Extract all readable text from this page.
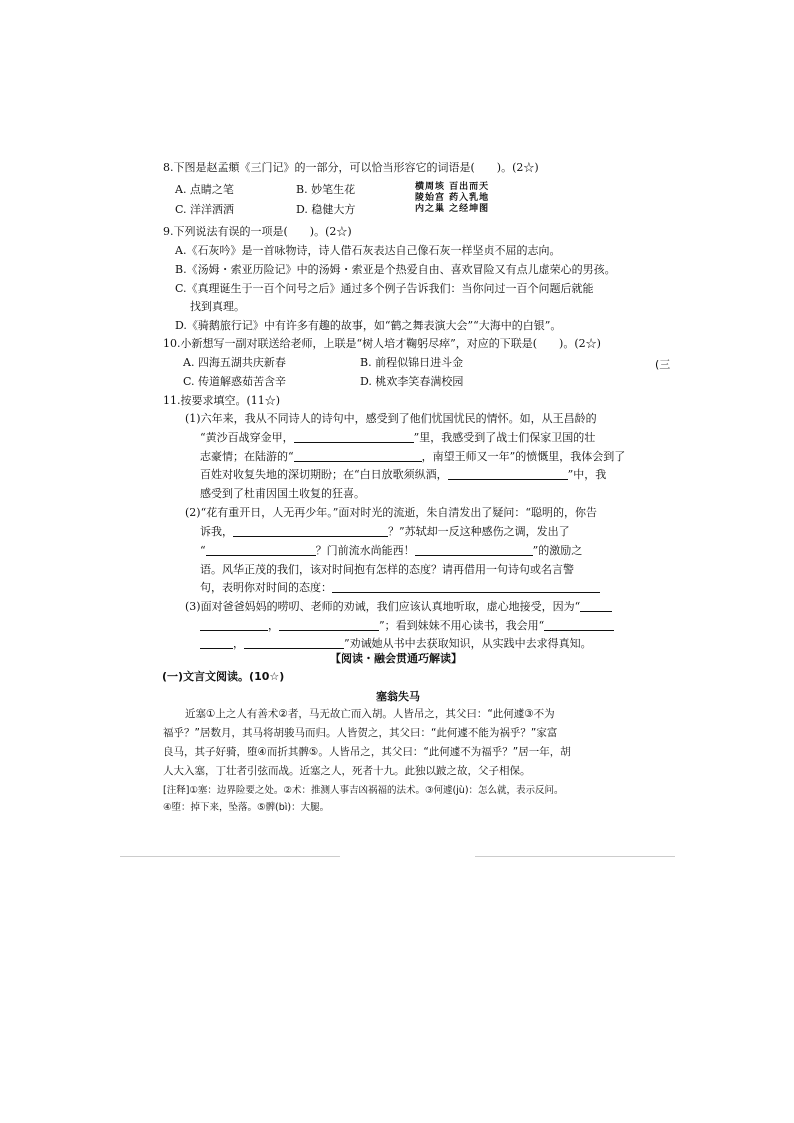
8.下图是赵孟頫《三门记》的一部分，可以恰当形容它的词语是(　　)。(2☆)
A. 点睛之笔	B. 妙笔生花
C. 洋洋洒洒	D. 稳健大方
横周垓 百出而天
陵始宫 药入乳地
内之巢 之经坤图
9.下列说法有误的一项是(　　)。(2☆)
A.《石灰吟》是一首咏物诗，诗人借石灰表达自己像石灰一样坚贞不屈的志向。
B.《汤姆・索亚历险记》中的汤姆・索亚是个热爱自由、喜欢冒险又有点儿虚荣心的男孩。
C.《真理诞生于一百个问号之后》通过多个例子告诉我们：当你问过一百个问题后就能
找到真理。
D.《骑鹅旅行记》中有许多有趣的故事，如“鹤之舞表演大会”“大海中的白银”。
10.小新想写一副对联送给老师，上联是“树人培才鞠躬尽瘁”，对应的下联是(　　)。(2☆)
A. 四海五湖共庆新春	B. 前程似锦日进斗金
C. 传道解惑茹苦含辛	D. 桃欢李笑春满校园
(三
11.按要求填空。(11☆)
(1)六年来，我从不同诗人的诗句中，感受到了他们忧国忧民的情怀。如，从王昌龄的
“黄沙百战穿金甲，	”里，我感受到了战士们保家卫国的壮
志豪情；在陆游的“	，南望王师又一年”的愤慨里，我体会到了
百姓对收复失地的深切期盼；在“白日放歌须纵酒，	”中，我
感受到了杜甫因国土收复的狂喜。
(2)“花有重开日，人无再少年。”面对时光的流逝，朱自清发出了疑问：“聪明的，你告
诉我，	？”苏轼却一反这种感伤之调，发出了
“	？门前流水尚能西！	”的激励之
语。风华正茂的我们，该对时间抱有怎样的态度？请再借用一句诗句或名言警
句，表明你对时间的态度：
(3)面对爸爸妈妈的唠叨、老师的劝诫，我们应该认真地听取，虚心地接受，因为“
，	”；看到妹妹不用心读书，我会用“
，	”劝诫她从书中去获取知识，从实践中去求得真知。
【阅读・融会贯通巧解读】
(一)文言文阅读。(10☆)
塞翁失马
近塞①上之人有善术②者，马无故亡而入胡。人皆吊之，其父曰：“此何遽③不为
福乎？”居数月，其马将胡骏马而归。人皆贺之，其父曰：“此何遽不能为祸乎？”家富
良马，其子好骑，堕④而折其髀⑤。人皆吊之，其父曰：“此何遽不为福乎？”居一年，胡
人大入塞，丁壮者引弦而战。近塞之人，死者十九。此独以跛之故，父子相保。
[注释]①塞：边界险要之处。②术：推测人事吉凶祸福的法术。③何遽(jù)：怎么就，表示反问。
④堕：掉下来，坠落。⑤髀(bì)：大腿。
